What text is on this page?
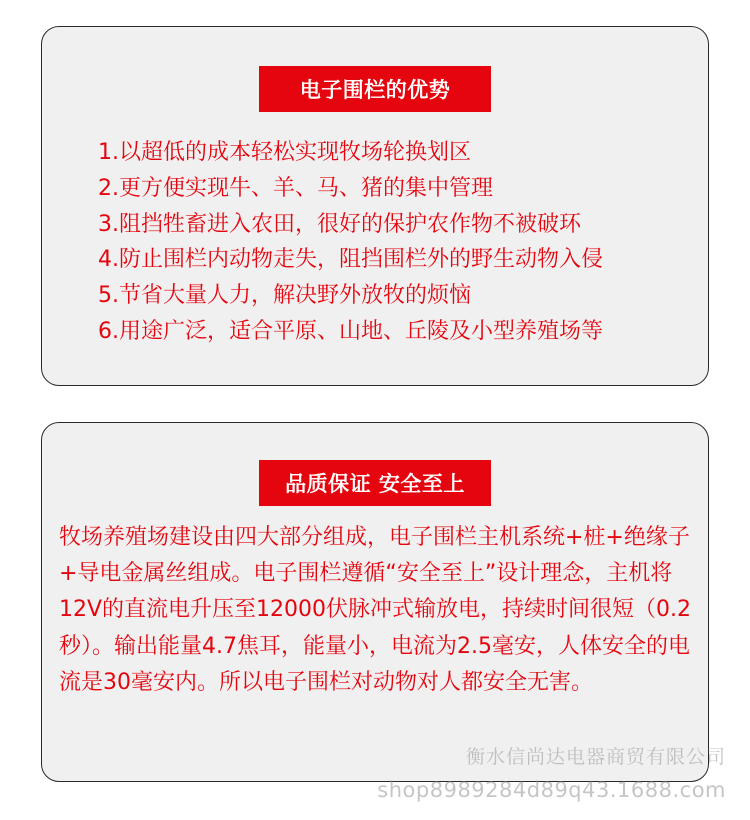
电子围栏的优势
1.以超低的成本轻松实现牧场轮换划区
2.更方便实现牛、羊、马、猪的集中管理
3.阻挡牲畜进入农田，很好的保护农作物不被破环
4.防止围栏内动物走失，阻挡围栏外的野生动物入侵
5.节省大量人力，解决野外放牧的烦恼
6.用途广泛，适合平原、山地、丘陵及小型养殖场等
品质保证 安全至上

牧场养殖场建设由四大部分组成，电子围栏主机系统+桩+绝缘子+导电金属丝组成。电子围栏遵循“安全至上”设计理念，主机将12V的直流电升压至12000伏脉冲式输放电，持续时间很短（0.2秒）。输出能量4.7焦耳，能量小，电流为2.5毫安，人体安全的电流是30毫安内。所以电子围栏对动物对人都安全无害。

衡水信尚达电器商贸有限公司
shop8989284d89q43.1688.com
